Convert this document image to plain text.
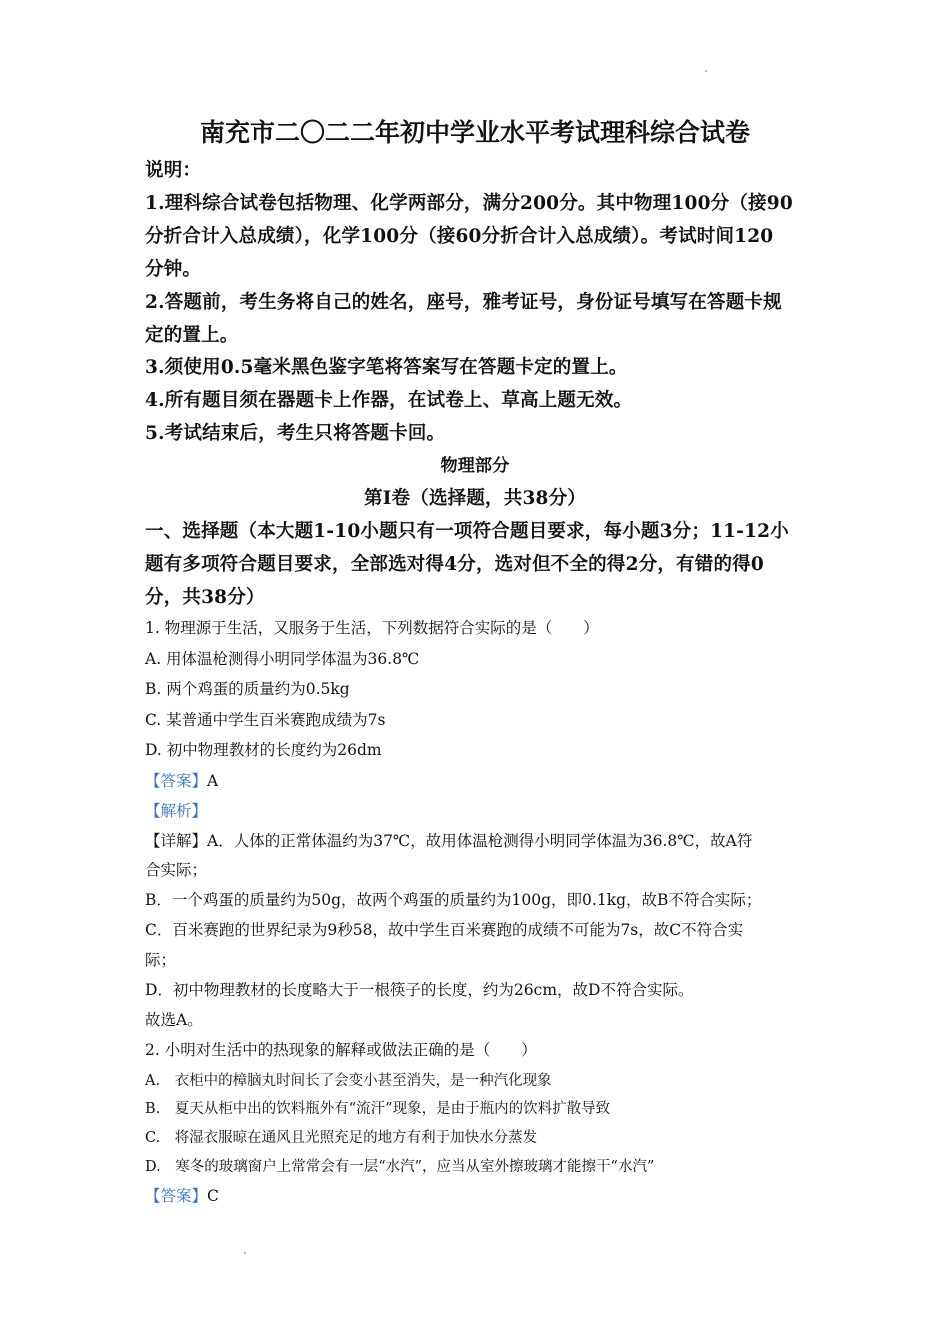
南充市二〇二二年初中学业水平考试理科综合试卷
说明：
1.理科综合试卷包括物理、化学两部分，满分200分。其中物理100分（接90
分折合计入总成绩），化学100分（接60分折合计入总成绩）。考试时间120
分钟。
2.答题前，考生务将自己的姓名，座号，雅考证号，身份证号填写在答题卡规
定的置上。
3.须使用0.5毫米黑色鉴字笔将答案写在答题卡定的置上。
4.所有题目须在器题卡上作器，在试卷上、草高上题无效。
5.考试结束后，考生只将答题卡回。
物理部分
第I卷（选择题，共38分）
一、选择题（本大题1-10小题只有一项符合题目要求，每小题3分；11-12小
题有多项符合题目要求，全部选对得4分，选对但不全的得2分，有错的得0
分，共38分）
1. 物理源于生活，又服务于生活，下列数据符合实际的是（　　）
A. 用体温枪测得小明同学体温为36.8℃
B. 两个鸡蛋的质量约为0.5kg
C. 某普通中学生百米赛跑成绩为7s
D. 初中物理教材的长度约为26dm
【答案】A
【解析】
【详解】A．人体的正常体温约为37℃，故用体温枪测得小明同学体温为36.8℃，故A符
合实际；
B．一个鸡蛋的质量约为50g，故两个鸡蛋的质量约为100g，即0.1kg，故B不符合实际；
C．百米赛跑的世界纪录为9秒58，故中学生百米赛跑的成绩不可能为7s，故C不符合实
际；
D．初中物理教材的长度略大于一根筷子的长度，约为26cm，故D不符合实际。
故选A。
2. 小明对生活中的热现象的解释或做法正确的是（　　）
A.　衣柜中的樟脑丸时间长了会变小甚至消失，是一种汽化现象
B.　夏天从柜中出的饮料瓶外有“流汗”现象，是由于瓶内的饮料扩散导致
C.　将湿衣服晾在通风且光照充足的地方有利于加快水分蒸发
D.　寒冬的玻璃窗户上常常会有一层“水汽”，应当从室外擦玻璃才能擦干“水汽”
【答案】C
